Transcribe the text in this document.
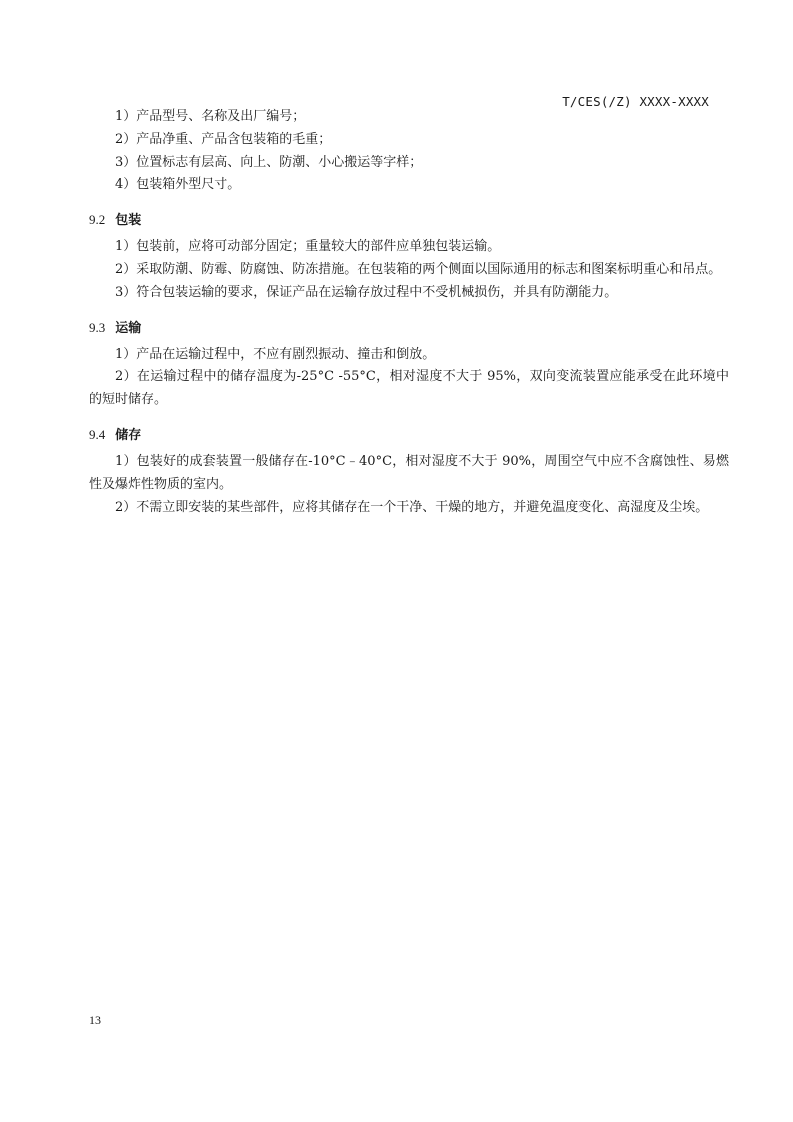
T/CES(/Z) XXXX-XXXX
1）产品型号、名称及出厂编号；
2）产品净重、产品含包装箱的毛重；
3）位置标志有层高、向上、防潮、小心搬运等字样；
4）包装箱外型尺寸。
9.2 包装
1）包装前，应将可动部分固定；重量较大的部件应单独包装运输。
2）采取防潮、防霉、防腐蚀、防冻措施。在包装箱的两个侧面以国际通用的标志和图案标明重心和吊点。
3）符合包装运输的要求，保证产品在运输存放过程中不受机械损伤，并具有防潮能力。
9.3 运输
1）产品在运输过程中，不应有剧烈振动、撞击和倒放。
2）在运输过程中的储存温度为-25°C -55°C，相对湿度不大于 95%，双向变流装置应能承受在此环境中的短时储存。
9.4 储存
1）包装好的成套装置一般储存在-10°C﹣40°C，相对湿度不大于 90%，周围空气中应不含腐蚀性、易燃性及爆炸性物质的室内。
2）不需立即安装的某些部件，应将其储存在一个干净、干燥的地方，并避免温度变化、高湿度及尘埃。
13
